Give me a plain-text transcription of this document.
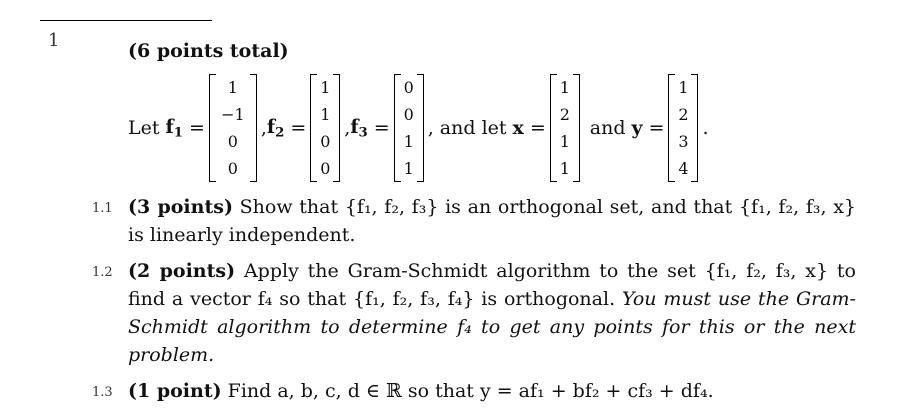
1	(6 points total)
Let $f_1$ =
1
−1
0
0
, $f_2$ =
1
1
0
0
, $f_3$ =
0
0
1
1
, and let x =
1
2
1
1
and y =
1
2
3
4
.
1.1 (3 points) Show that {f₁, f₂, f₃} is an orthogonal set, and that {f₁, f₂, f₃, x} is linearly independent.
1.2 (2 points) Apply the Gram-Schmidt algorithm to the set {f₁, f₂, f₃, x} to find a vector f₄ so that {f₁, f₂, f₃, f₄} is orthogonal. You must use the Gram-Schmidt algorithm to determine f₄ to get any points for this or the next problem.
1.3 (1 point) Find a, b, c, d ∈ ℝ so that y = af₁ + bf₂ + cf₃ + df₄.
